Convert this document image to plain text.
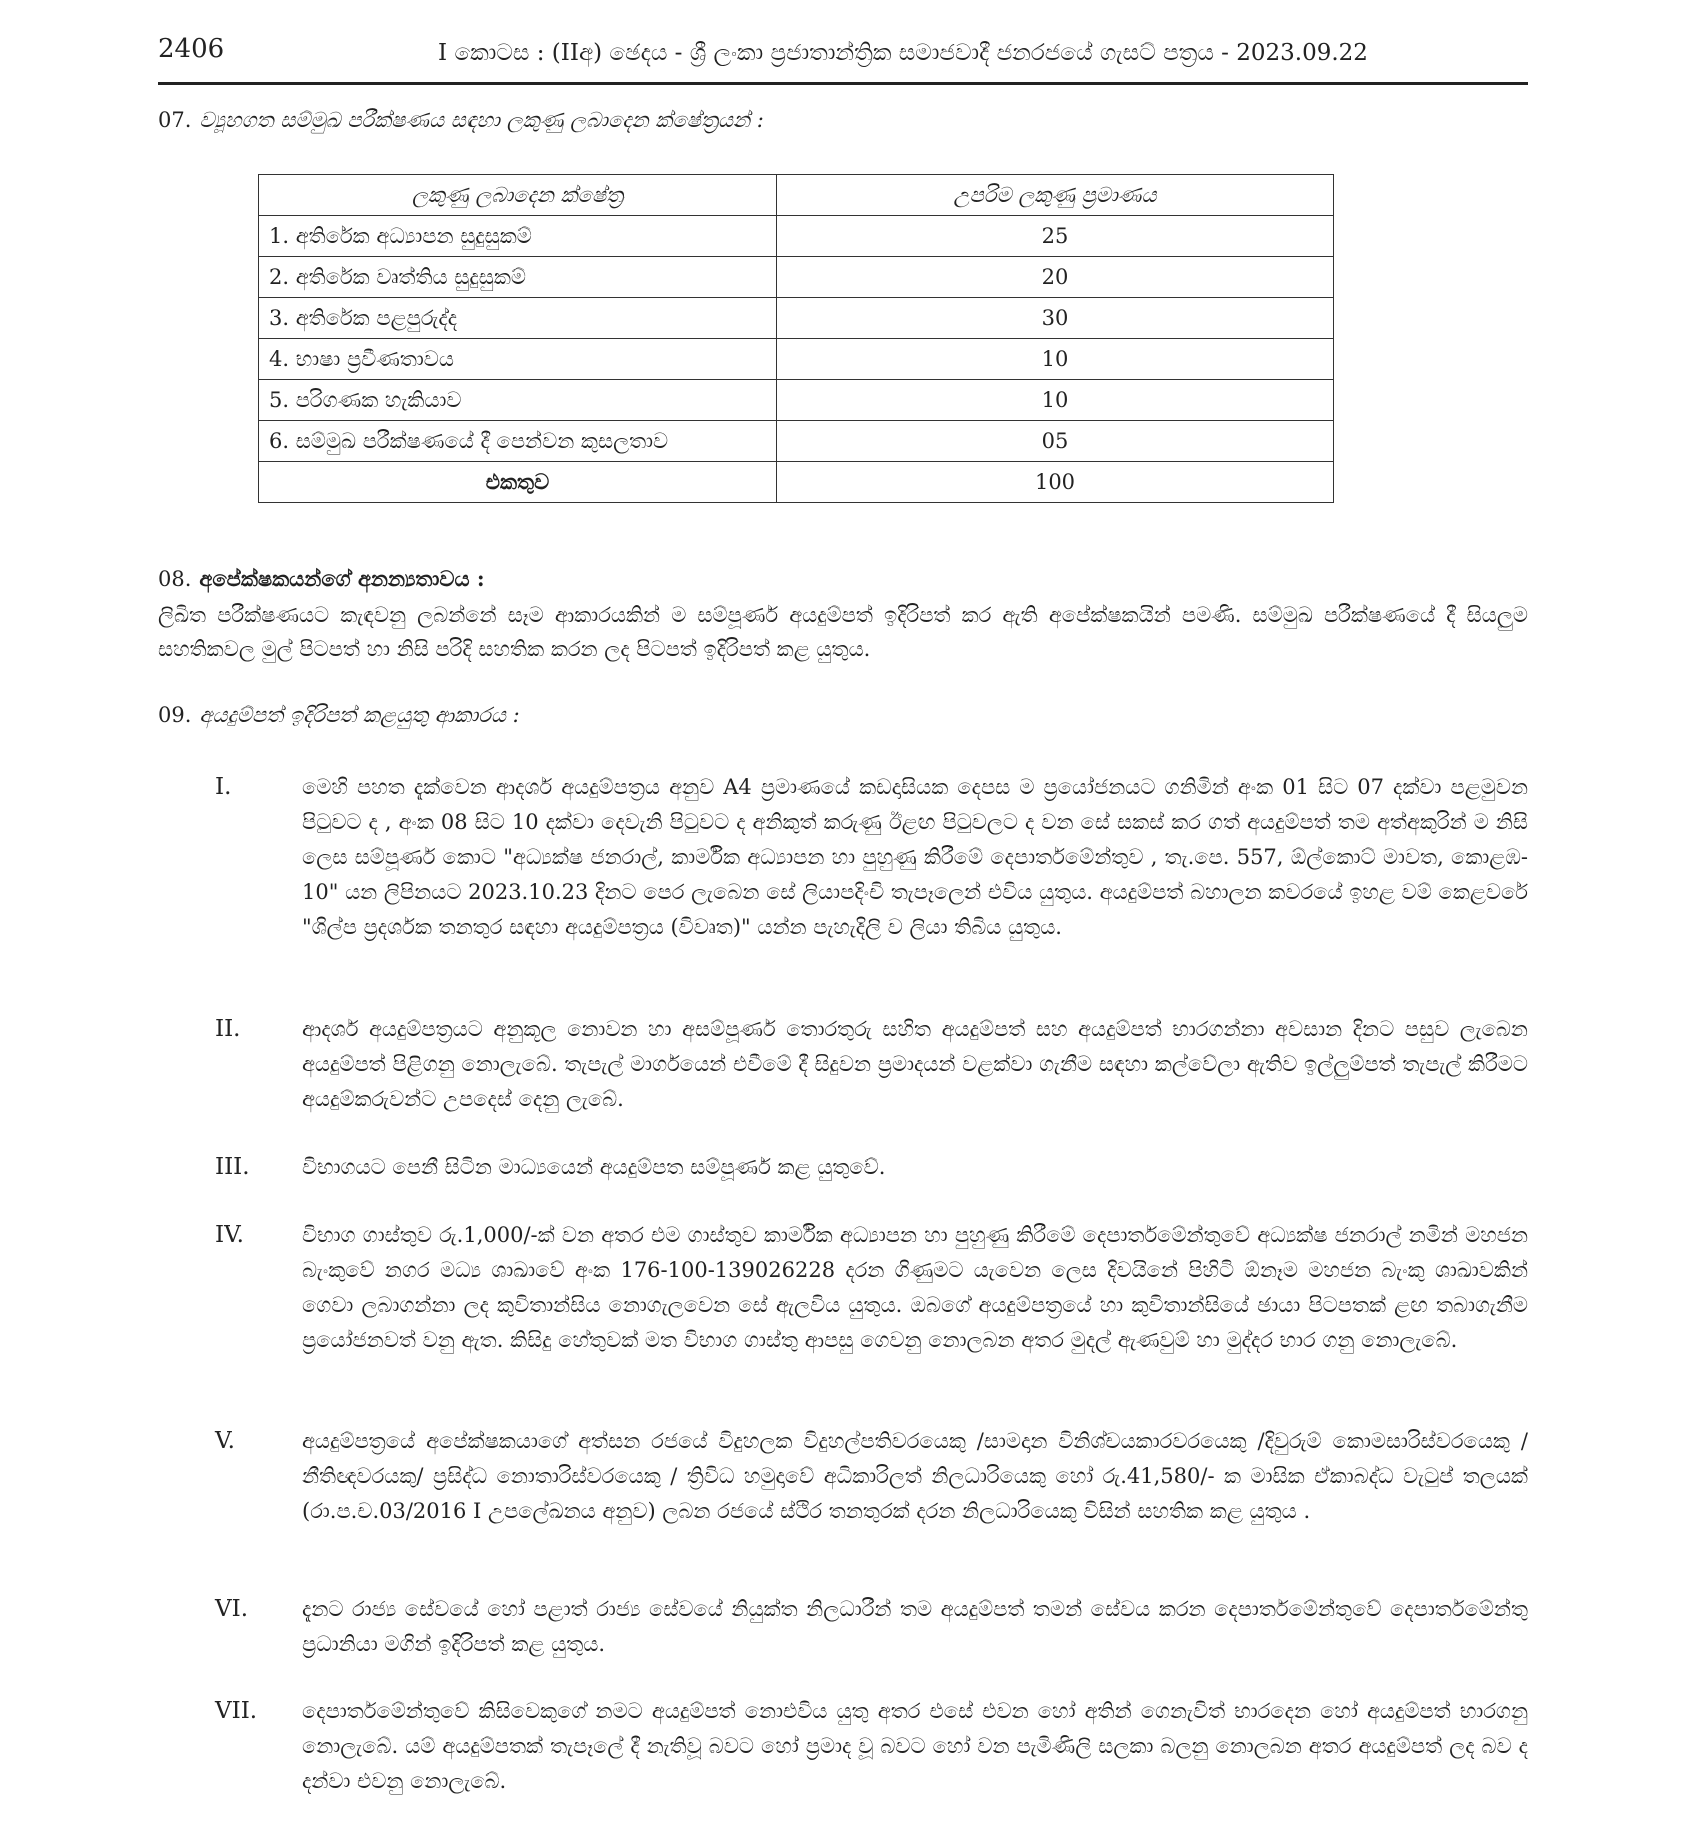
2406	I කොටස : (IIඅ) ඡෙදය - ශ්‍රී ලංකා ප්‍රජාතාන්ත්‍රික සමාජවාදී ජනරජයේ ගැසට් පත්‍රය - 2023.09.22
07. ව්‍යූහගත සම්මුඛ පරීක්ෂණය සඳහා ලකුණු ලබාදෙන ක්ෂේත්‍රයන් :
ලකුණු ලබාදෙන ක්ෂේත්‍ර	උපරිම ලකුණු ප්‍රමාණය
1. අතිරේක අධ්‍යාපන සුදුසුකම්	25
2. අතිරේක වෘත්තිය සුදුසුකම්	20
3. අතිරේක පළපුරුද්ද	30
4. භාෂා ප්‍රවීණතාවය	10
5. පරිගණක හැකියාව	10
6. සම්මුඛ පරීක්ෂණයේ දී පෙන්වන කුසලතාව	05
එකතුව	100
08. අපේක්ෂකයන්ගේ අනන්‍යතාවය :
ලිඛිත පරීක්ෂණයට කැඳවනු ලබන්නේ සෑම ආකාරයකින් ම සම්පූර්ණ අයදුම්පත් ඉදිරිපත් කර ඇති අපේක්ෂකයින් පමණි. සම්මුඛ පරීක්ෂණයේ දී සියලුම සහතිකවල මුල් පිටපත් හා නිසි පරිදි සහතික කරන ලද පිටපත් ඉදිරිපත් කළ යුතුය.
09. අයදුම්පත් ඉදිරිපත් කළයුතු ආකාරය :
I.	මෙහි පහත දැක්වෙන ආදර්ශ අයදුම්පත්‍රය අනුව A4 ප්‍රමාණයේ කඩදාසියක දෙපස ම ප්‍රයෝජනයට ගනිමින් අංක 01 සිට 07 දක්වා පළමුවන පිටුවට ද , අංක 08 සිට 10 දක්වා දෙවැනි පිටුවට ද අනිකුත් කරුණු ඊළඟ පිටුවලට ද වන සේ සකස් කර ගත් අයදුම්පත් තම අත්අකුරින් ම නිසි ලෙස සම්පූර්ණ කොට "අධ්‍යක්ෂ ජනරාල්, කාර්මික අධ්‍යාපන හා පුහුණු කිරීමේ දෙපාර්තමේන්තුව , තැ.පෙ. 557, ඕල්කොට් මාවත, කොළඹ- 10" යන ලිපිනයට 2023.10.23 දිනට පෙර ලැබෙන සේ ලියාපදිංචි තැපෑලෙන් එවිය යුතුය. අයදුම්පත් බහාලන කවරයේ ඉහළ වම් කෙළවරේ "ශිල්ප ප්‍රදර්ශක තනතුර සඳහා අයදුම්පත්‍රය (විවෘත)" යන්න පැහැදිලි ව ලියා තිබිය යුතුය.
II.	ආදර්ශ අයදුම්පත්‍රයට අනුකූල නොවන හා අසම්පූර්ණ තොරතුරු සහිත අයදුම්පත් සහ අයදුම්පත් භාරගන්නා අවසාන දිනට පසුව ලැබෙන අයදුම්පත් පිළිගනු නොලැබේ. තැපැල් මාර්ගයෙන් එවීමේ දී සිදුවන ප්‍රමාදයන් වළක්වා ගැනීම සඳහා කල්වේලා ඇතිව ඉල්ලුම්පත් තැපැල් කිරීමට අයදුම්කරුවන්ට උපදෙස් දෙනු ලැබේ.
III. විභාගයට පෙනී සිටින මාධ්‍යයෙන් අයදුම්පත සම්පූර්ණ කළ යුතුවේ.
IV.	විභාග ගාස්තුව රු.1,000/-ක් වන අතර එම ගාස්තුව කාර්මික අධ්‍යාපන හා පුහුණු කිරීමේ දෙපාර්තමේන්තුවේ අධ්‍යක්ෂ ජනරාල් නමින් මහජන බැංකුවේ නගර මධ්‍ය ශාඛාවේ අංක 176-100-139026228 දරන ගිණුමට යැවෙන ලෙස දිවයිනේ පිහිටි ඕනෑම මහජන බැංකු ශාඛාවකින් ගෙවා ලබාගන්නා ලද කුවිතාන්සිය නොගැලවෙන සේ ඇලවිය යුතුය. ඔබගේ අයදුම්පත්‍රයේ හා කුවිතාන්සියේ ඡායා පිටපතක් ළඟ තබාගැනීම ප්‍රයෝජනවත් වනු ඇත. කිසිදු හේතුවක් මත විභාග ගාස්තු ආපසු ගෙවනු නොලබන අතර මුදල් ඇණවුම් හා මුද්දර භාර ගනු නොලැබේ.
V.	අයදුම්පත්‍රයේ අපේක්ෂකයාගේ අත්සන රජයේ විදුහලක විදුහල්පතිවරයෙකු /සාමදාන විනිශ්චයකාරවරයෙකු /දිවුරුම් කොමසාරිස්වරයෙකු /නීතිඥවරයකු/ ප්‍රසිද්ධ නොතාරිස්වරයෙකු / ත්‍රිවිධ හමුදාවේ අධිකාරිලත් නිලධාරියෙකු හෝ රු.41,580/- ක මාසික ඒකාබද්ධ වැටුප් තලයක් (රා.ප.ච.03/2016 I උපලේඛනය අනුව) ලබන රජයේ ස්ථිර තනතුරක් දරන නිලධාරියෙකු විසින් සහතික කළ යුතුය .
VI.	දැනට රාජ්‍ය සේවයේ හෝ පළාත් රාජ්‍ය සේවයේ නියුක්ත නිලධාරීන් තම අයදුම්පත් තමන් සේවය කරන දෙපාර්තමේන්තුවේ දෙපාර්තමේන්තු ප්‍රධානියා මගින් ඉදිරිපත් කළ යුතුය.
VII. දෙපාර්තමේන්තුවේ කිසිවෙකුගේ නමට අයදුම්පත් නොඑවිය යුතු අතර එසේ එවන හෝ අතින් ගෙනැවිත් භාරදෙන හෝ අයදුම්පත් භාරගනු නොලැබේ. යම් අයදුම්පතක් තැපෑලේ දී නැතිවූ බවට හෝ ප්‍රමාද වූ බවට හෝ වන පැමිණිලි සලකා බලනු නොලබන අතර අයදුම්පත් ලද බව ද දන්වා එවනු නොලැබේ.
